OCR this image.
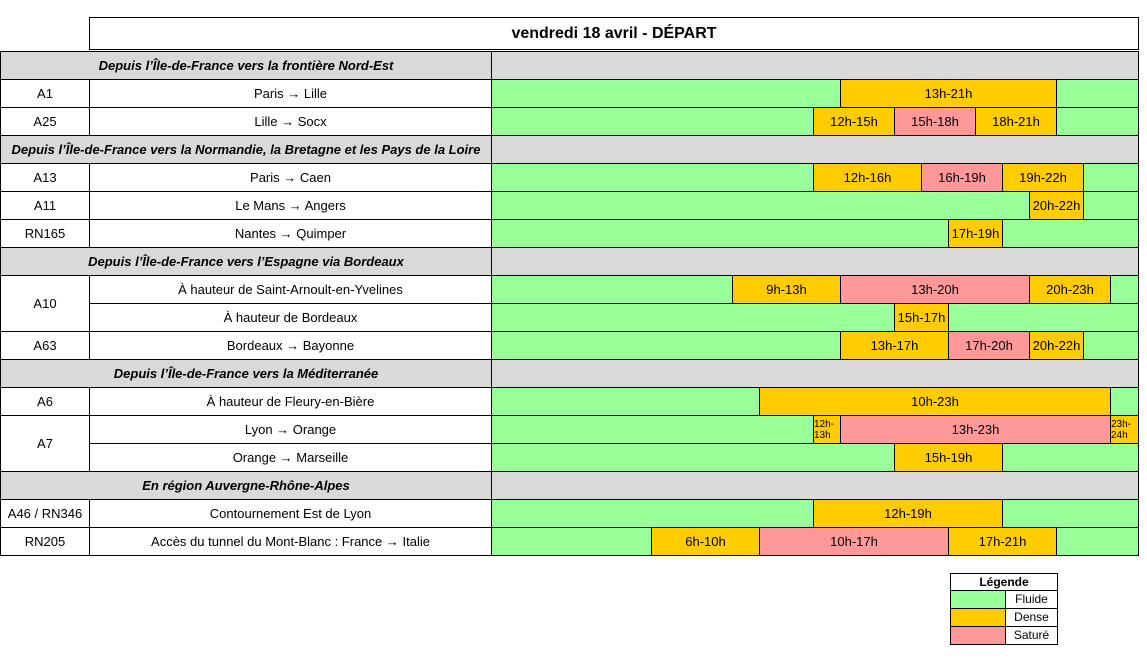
vendredi 18 avril - DÉPART
Depuis l’Île-de-France vers la frontière Nord-Est
A1	Paris → Lille	13h-21h
A25	Lille → Socx	12h-15h	15h-18h	18h-21h
Depuis l’Île-de-France vers la Normandie, la Bretagne et les Pays de la Loire
A13	Paris → Caen	12h-16h	16h-19h	19h-22h
A11	Le Mans → Angers	20h-22h
RN165	Nantes → Quimper	17h-19h
Depuis l’Île-de-France vers l’Espagne via Bordeaux
A10
À hauteur de Saint-Arnoult-en-Yvelines	9h-13h	13h-20h	20h-23h
À hauteur de Bordeaux	15h-17h
A63	Bordeaux → Bayonne	13h-17h	17h-20h	20h-22h
Depuis l’Île-de-France vers la Méditerranée
A6	À hauteur de Fleury-en-Bière	10h-23h
A7
Lyon → Orange	12h-13h	13h-23h	23h-24h
Orange → Marseille	15h-19h
En région Auvergne-Rhône-Alpes
A46 / RN346	Contournement Est de Lyon	12h-19h
RN205	Accès du tunnel du Mont-Blanc : France → Italie	6h-10h	10h-17h	17h-21h
Légende
Fluide
Dense
Saturé
